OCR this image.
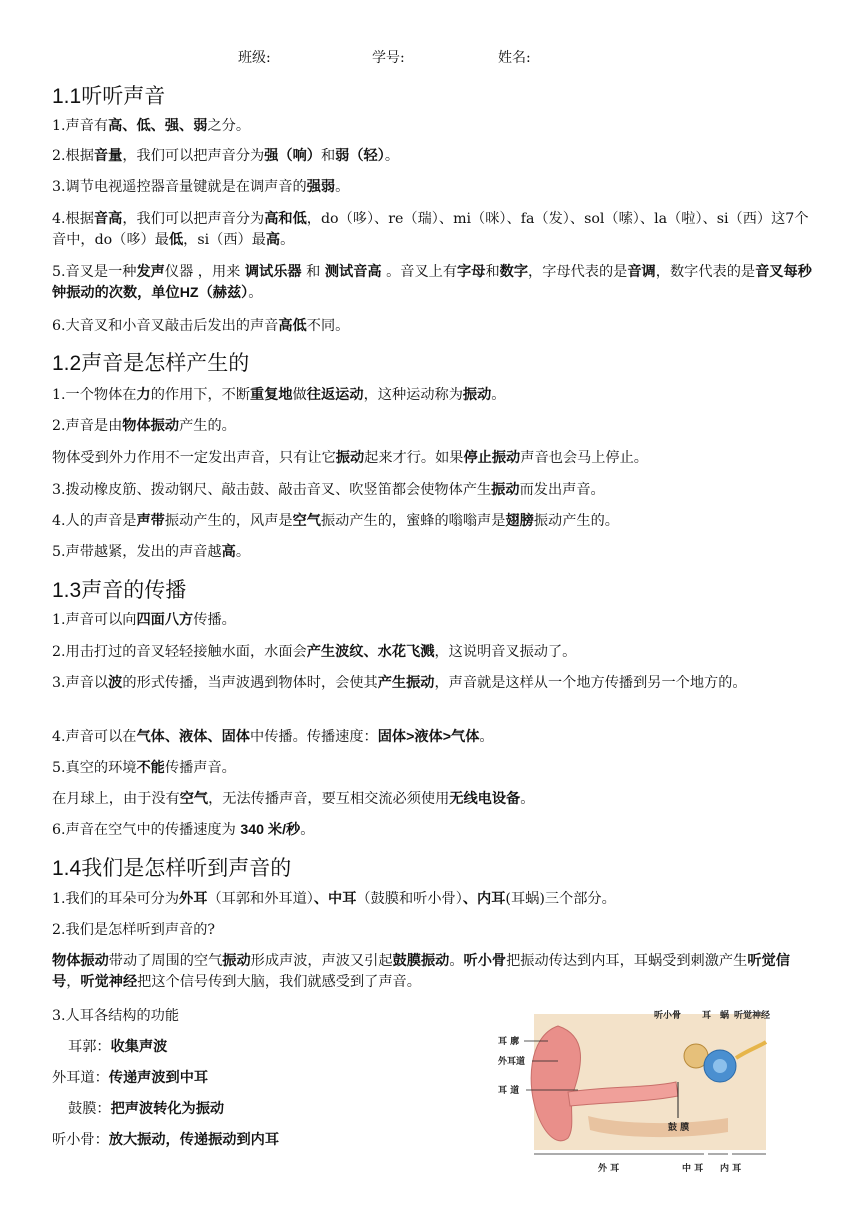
班级:	学号:	姓名:
1.1听听声音
1.声音有高、低、强、弱之分。
2.根据音量，我们可以把声音分为强（响）和弱（轻）。
3.调节电视遥控器音量键就是在调声音的强弱。
4.根据音高，我们可以把声音分为高和低，do（哆）、re（瑞）、mi（咪）、fa（发）、sol（嗦）、la（啦）、si（西）这7个音中，do（哆）最低，si（西）最高。
5.音叉是一种发声仪器 ，用来 调试乐器 和 测试音高 。音叉上有字母和数字，字母代表的是音调，数字代表的是音叉每秒钟振动的次数，单位HZ（赫兹）。
6.大音叉和小音叉敲击后发出的声音高低不同。
1.2声音是怎样产生的
1.一个物体在力的作用下，不断重复地做往返运动，这种运动称为振动。
2.声音是由物体振动产生的。
物体受到外力作用不一定发出声音，只有让它振动起来才行。如果停止振动声音也会马上停止。
3.拨动橡皮筋、拨动钢尺、敲击鼓、敲击音叉、吹竖笛都会使物体产生振动而发出声音。
4.人的声音是声带振动产生的，风声是空气振动产生的，蜜蜂的嗡嗡声是翅膀振动产生的。
5.声带越紧，发出的声音越高。
1.3声音的传播
1.声音可以向四面八方传播。
2.用击打过的音叉轻轻接触水面，水面会产生波纹、水花飞溅，这说明音叉振动了。
3.声音以波的形式传播，当声波遇到物体时，会使其产生振动，声音就是这样从一个地方传播到另一个地方的。
4.声音可以在气体、液体、固体中传播。传播速度：固体>液体>气体。
5.真空的环境不能传播声音。
在月球上，由于没有空气，无法传播声音，要互相交流必须使用无线电设备。
6.声音在空气中的传播速度为 340 米/秒。
1.4我们是怎样听到声音的
1.我们的耳朵可分为外耳（耳郭和外耳道）、中耳（鼓膜和听小骨）、内耳(耳蜗)三个部分。
2.我们是怎样听到声音的?
物体振动带动了周围的空气振动形成声波，声波又引起鼓膜振动。听小骨把振动传达到内耳，耳蜗受到刺激产生听觉信号，听觉神经把这个信号传到大脑，我们就感受到了声音。
3.人耳各结构的功能
耳郭：收集声波
外耳道：传递声波到中耳
鼓膜：把声波转化为振动
听小骨：放大振动，传递振动到内耳
耳 廓
外耳道
耳 道
听小骨 耳 蜗 听觉神经
鼓 膜
外 耳	中 耳 内 耳
